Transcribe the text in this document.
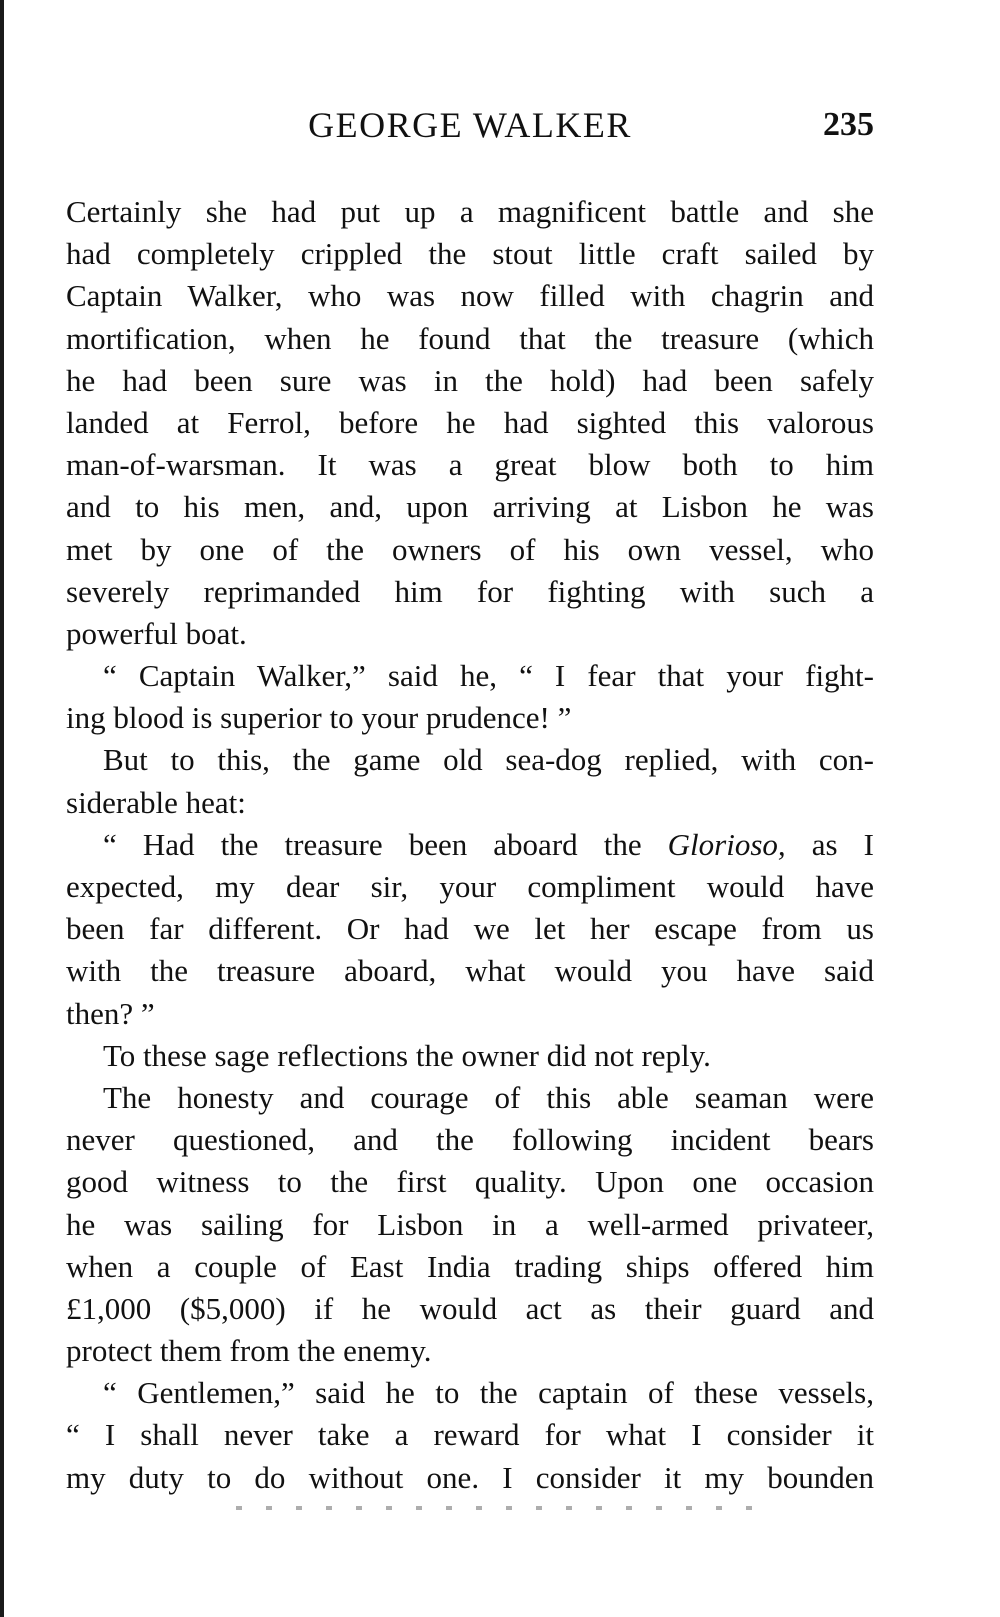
GEORGE WALKER	235
Certainly she had put up a magnificent battle and she
had completely crippled the stout little craft sailed by
Captain Walker, who was now filled with chagrin and
mortification, when he found that the treasure (which
he had been sure was in the hold) had been safely
landed at Ferrol, before he had sighted this valorous
man-of-warsman. It was a great blow both to him
and to his men, and, upon arriving at Lisbon he was
met by one of the owners of his own vessel, who
severely reprimanded him for fighting with such a
powerful boat.
“ Captain Walker,” said he, “ I fear that your fight-
ing blood is superior to your prudence! ”
But to this, the game old sea-dog replied, with con-
siderable heat:
“ Had the treasure been aboard the Glorioso, as I
expected, my dear sir, your compliment would have
been far different. Or had we let her escape from us
with the treasure aboard, what would you have said
then? ”
To these sage reflections the owner did not reply.
The honesty and courage of this able seaman were
never questioned, and the following incident bears
good witness to the first quality. Upon one occasion
he was sailing for Lisbon in a well-armed privateer,
when a couple of East India trading ships offered him
£1,000 ($5,000) if he would act as their guard and
protect them from the enemy.
“ Gentlemen,” said he to the captain of these vessels,
“ I shall never take a reward for what I consider it
my duty to do without one. I consider it my bounden
